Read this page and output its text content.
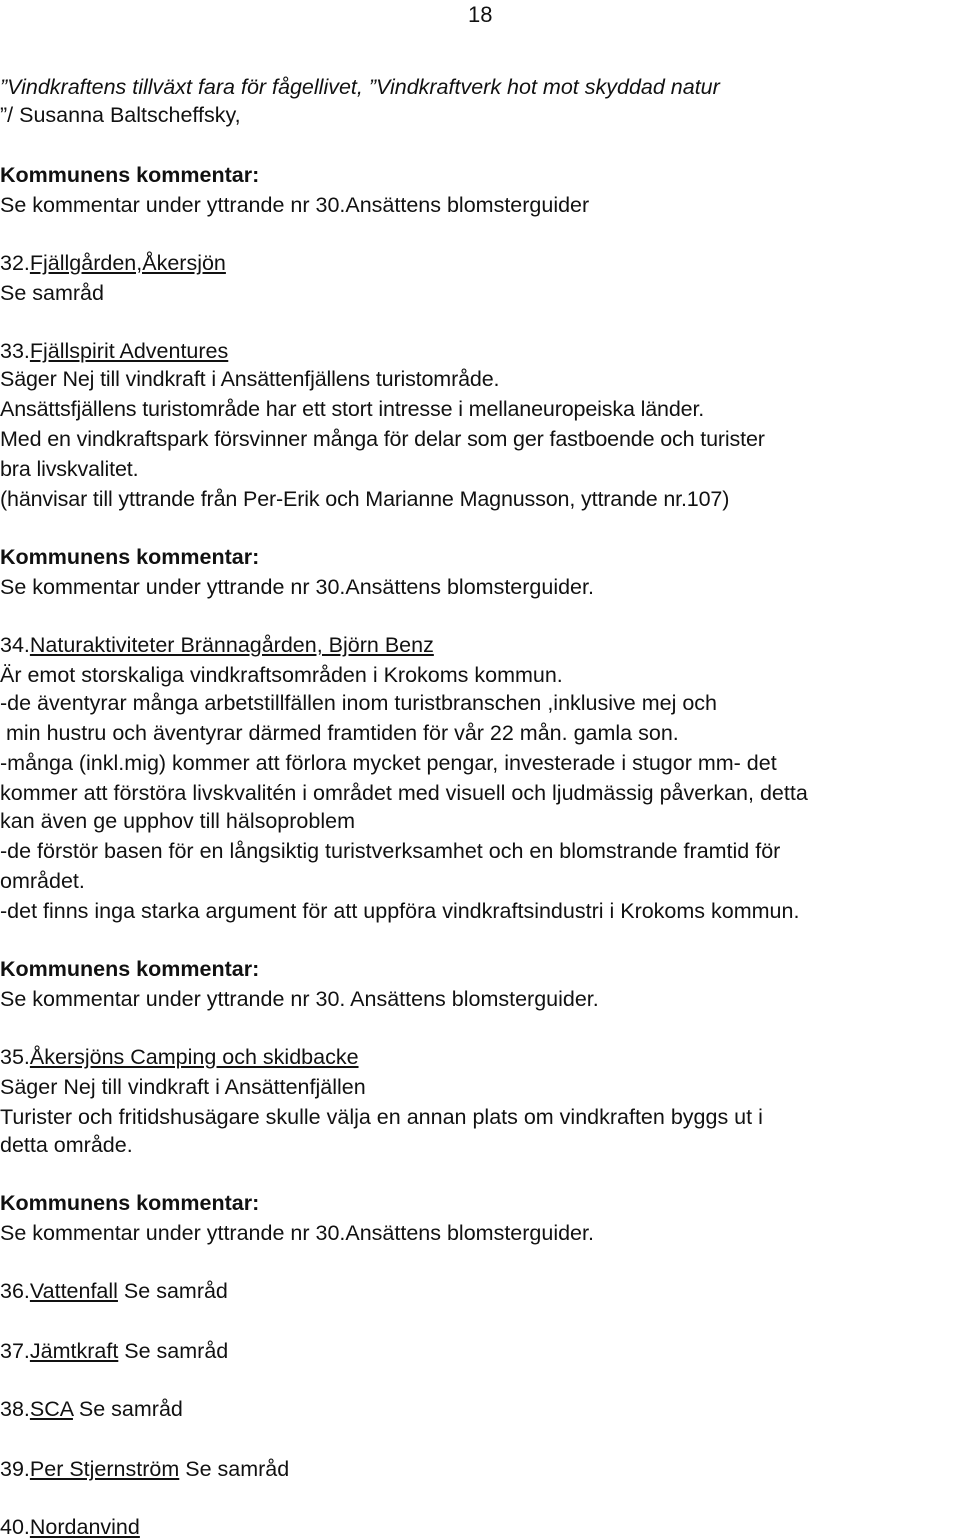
18
”Vindkraftens tillväxt fara för fågellivet, ”Vindkraftverk hot mot skyddad natur
”/ Susanna Baltscheffsky,
Kommunens kommentar:
Se kommentar under yttrande nr 30.Ansättens blomsterguider
32.Fjällgården,Åkersjön
Se samråd
33.Fjällspirit Adventures
Säger Nej till vindkraft i Ansättenfjällens turistområde.
Ansättsfjällens turistområde har ett stort intresse i mellaneuropeiska länder.
Med en vindkraftspark försvinner många för delar som ger fastboende och turister
bra livskvalitet.
(hänvisar till yttrande från Per-Erik och Marianne Magnusson, yttrande nr.107)
Kommunens kommentar:
Se kommentar under yttrande nr 30.Ansättens blomsterguider.
34.Naturaktiviteter Brännagården, Björn Benz
Är emot storskaliga vindkraftsområden i Krokoms kommun.
-de äventyrar många arbetstillfällen inom turistbranschen ,inklusive mej och
min hustru och äventyrar därmed framtiden för vår 22 mån. gamla son.
-många (inkl.mig) kommer att förlora mycket pengar, investerade i stugor mm- det
kommer att förstöra livskvalitén i området med visuell och ljudmässig påverkan, detta
kan även ge upphov till hälsoproblem
-de förstör basen för en långsiktig turistverksamhet och en blomstrande framtid för
området.
-det finns inga starka argument för att uppföra vindkraftsindustri i Krokoms kommun.
Kommunens kommentar:
Se kommentar under yttrande nr 30. Ansättens blomsterguider.
35.Åkersjöns Camping och skidbacke
Säger Nej till vindkraft i Ansättenfjällen
Turister och fritidshusägare skulle välja en annan plats om vindkraften byggs ut i
detta område.
Kommunens kommentar:
Se kommentar under yttrande nr 30.Ansättens blomsterguider.
36.Vattenfall Se samråd
37.Jämtkraft Se samråd
38.SCA Se samråd
39.Per Stjernström Se samråd
40.Nordanvind
